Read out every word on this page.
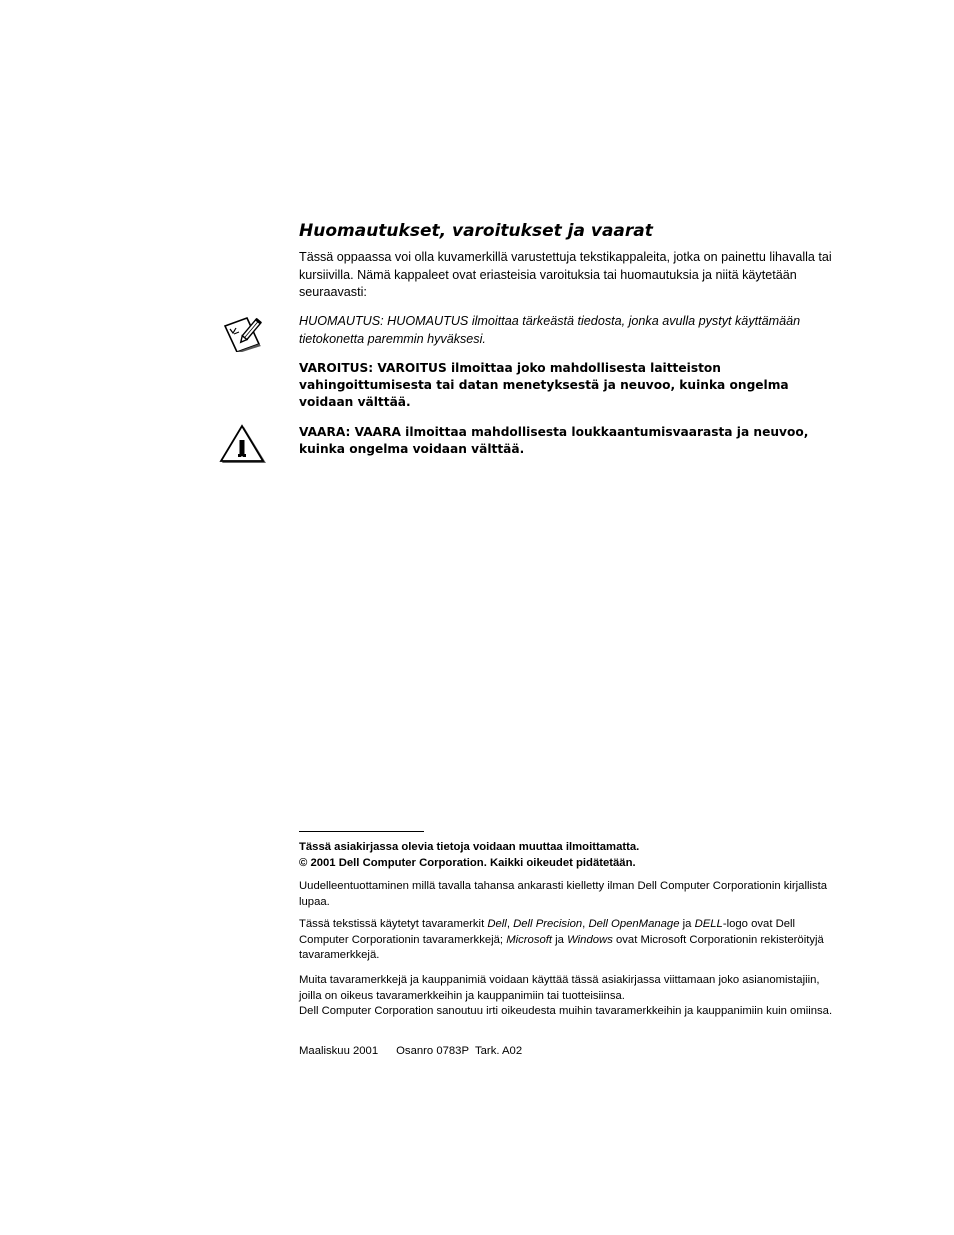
Huomautukset, varoitukset ja vaarat
Tässä oppaassa voi olla kuvamerkillä varustettuja tekstikappaleita, jotka on painettu lihavalla tai kursiivilla. Nämä kappaleet ovat eriasteisia varoituksia tai huomautuksia ja niitä käytetään seuraavasti:
HUOMAUTUS: HUOMAUTUS ilmoittaa tärkeästä tiedosta, jonka avulla pystyt käyttämään tietokonetta paremmin hyväksesi.
VAROITUS: VAROITUS ilmoittaa joko mahdollisesta laitteiston vahingoittumisesta tai datan menetyksestä ja neuvoo, kuinka ongelma voidaan välttää.
VAARA: VAARA ilmoittaa mahdollisesta loukkaantumisvaarasta ja neuvoo, kuinka ongelma voidaan välttää.

Tässä asiakirjassa olevia tietoja voidaan muuttaa ilmoittamatta.

© 2001 Dell Computer Corporation. Kaikki oikeudet pidätetään.

Uudelleentuottaminen millä tavalla tahansa ankarasti kielletty ilman Dell Computer Corporationin kirjallista lupaa.
Tässä tekstissä käytetyt tavaramerkit Dell, Dell Precision, Dell OpenManage ja DELL-logo ovat Dell Computer Corporationin tavaramerkkejä; Microsoft ja Windows ovat Microsoft Corporationin rekisteröityjä tavaramerkkejä.

Muita tavaramerkkejä ja kauppanimiä voidaan käyttää tässä asiakirjassa viittamaan joko asianomistajiin, joilla on oikeus tavaramerkkeihin ja kauppanimiin tai tuotteisiinsa.

Dell Computer Corporation sanoutuu irti oikeudesta muihin tavaramerkkeihin ja kauppanimiin kuin omiinsa.

Maaliskuu 2001 Osanro 0783P Tark. A02
